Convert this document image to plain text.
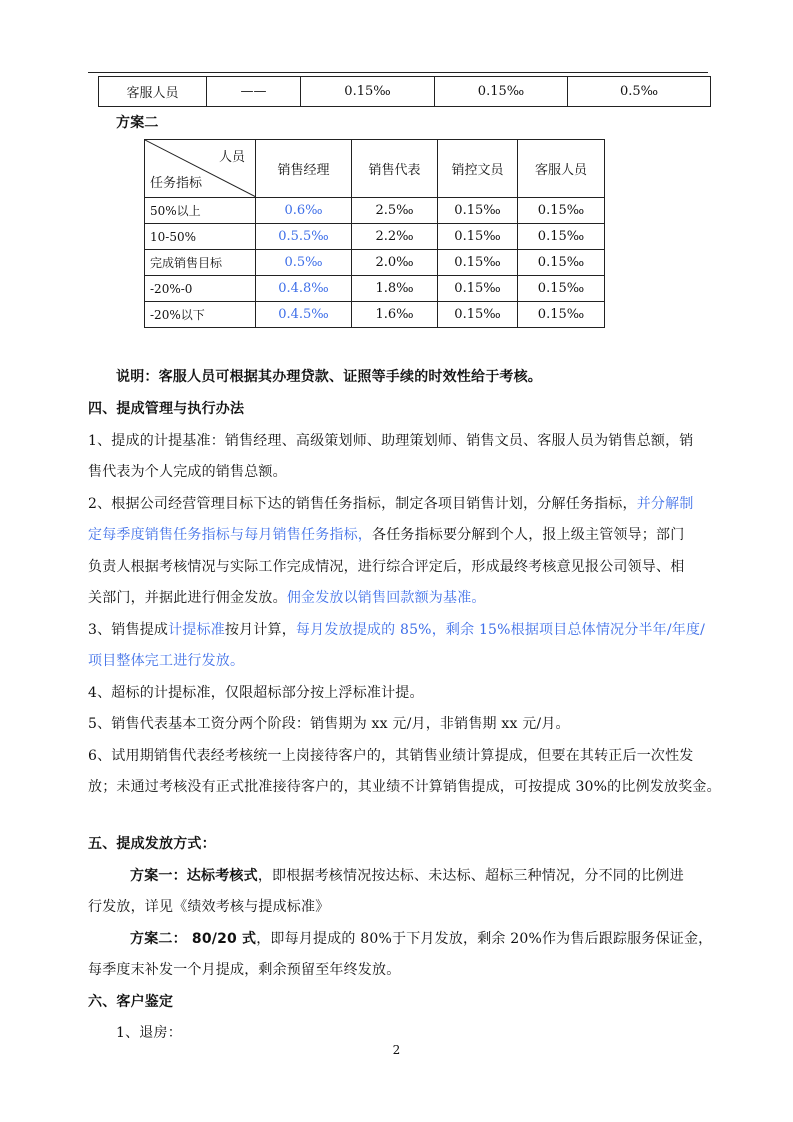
客服人员	——	0.15‰	0.15‰	0.5‰
方案二
人员
任务指标	销售经理	销售代表	销控文员	客服人员
50%以上	0.6‰	2.5‰	0.15‰	0.15‰
10-50%	0.5.5‰	2.2‰	0.15‰	0.15‰
完成销售目标	0.5‰	2.0‰	0.15‰	0.15‰
-20%-0	0.4.8‰	1.8‰	0.15‰	0.15‰
-20%以下	0.4.5‰	1.6‰	0.15‰	0.15‰
说明：客服人员可根据其办理贷款、证照等手续的时效性给于考核。
四、提成管理与执行办法
1、提成的计提基准：销售经理、高级策划师、助理策划师、销售文员、客服人员为销售总额，销
售代表为个人完成的销售总额。
2、根据公司经营管理目标下达的销售任务指标，制定各项目销售计划，分解任务指标，并分解制
定每季度销售任务指标与每月销售任务指标，各任务指标要分解到个人，报上级主管领导；部门
负责人根据考核情况与实际工作完成情况，进行综合评定后，形成最终考核意见报公司领导、相
关部门，并据此进行佣金发放。佣金发放以销售回款额为基准。
3、销售提成计提标准按月计算，每月发放提成的 85%，剩余 15%根据项目总体情况分半年/年度/
项目整体完工进行发放。
4、超标的计提标准，仅限超标部分按上浮标准计提。
5、销售代表基本工资分两个阶段：销售期为 xx 元/月，非销售期 xx 元/月。
6、试用期销售代表经考核统一上岗接待客户的，其销售业绩计算提成，但要在其转正后一次性发
放；未通过考核没有正式批准接待客户的，其业绩不计算销售提成，可按提成 30%的比例发放奖金。
五、提成发放方式：
方案一：达标考核式，即根据考核情况按达标、未达标、超标三种情况，分不同的比例进
行发放，详见《绩效考核与提成标准》
方案二： 80/20 式，即每月提成的 80%于下月发放，剩余 20%作为售后跟踪服务保证金，
每季度末补发一个月提成，剩余预留至年终发放。
六、客户鉴定
1、退房：
2
